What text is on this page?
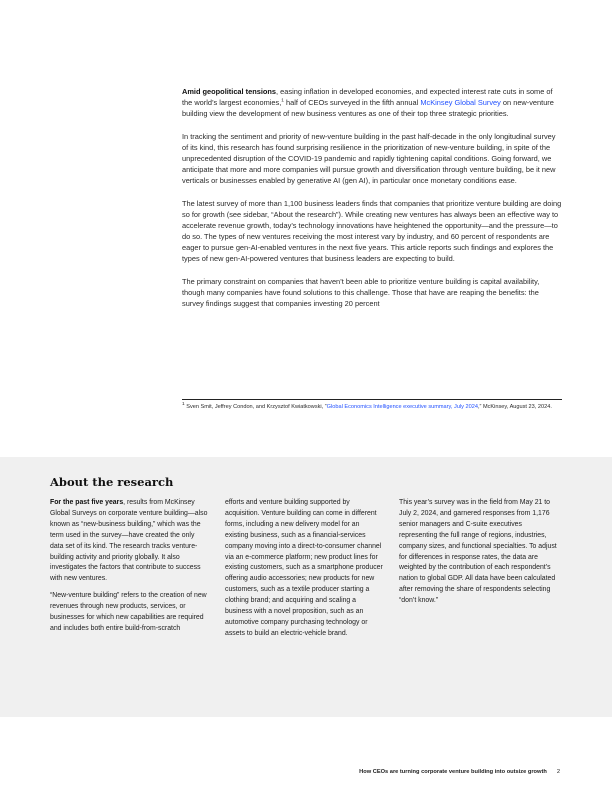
Amid geopolitical tensions, easing inflation in developed economies, and expected interest rate cuts in some of the world’s largest economies,$^1$ half of CEOs surveyed in the fifth annual McKinsey Global Survey on new-venture building view the development of new business ventures as one of their top three strategic priorities.

In tracking the sentiment and priority of new-venture building in the past half-decade in the only longitudinal survey of its kind, this research has found surprising resilience in the prioritization of new-venture building, in spite of the unprecedented disruption of the COVID-19 pandemic and rapidly tightening capital conditions. Going forward, we anticipate that more and more companies will pursue growth and diversification through venture building, be it new verticals or businesses enabled by generative AI (gen AI), in particular once monetary conditions ease.

The latest survey of more than 1,100 business leaders finds that companies that prioritize venture building are doing so for growth (see sidebar, “About the research”). While creating new ventures has always been an effective way to accelerate revenue growth, today’s technology innovations have heightened the opportunity—and the pressure—to do so. The types of new ventures receiving the most interest vary by industry, and 60 percent of respondents are eager to pursue gen-AI-enabled ventures in the next five years. This article reports such findings and explores the types of new gen-AI-powered ventures that business leaders are expecting to build.

The primary constraint on companies that haven’t been able to prioritize venture building is capital availability, though many companies have found solutions to this challenge. Those that have are reaping the benefits: the survey findings suggest that companies investing 20 percent

$^1$ Sven Smit, Jeffrey Condon, and Krzysztof Kwiatkowski, “Global Economics Intelligence executive summary, July 2024,” McKinsey, August 23, 2024.

About the research

For the past five years, results from McKinsey Global Surveys on corporate venture building—also known as “new-business building,” which was the term used in the survey—have created the only data set of its kind. The research tracks venture-building activity and priority globally. It also investigates the factors that contribute to success with new ventures.

“New-venture building” refers to the creation of new revenues through new products, services, or businesses for which new capabilities are required and includes both entire build-from-scratch

efforts and venture building supported by acquisition. Venture building can come in different forms, including a new delivery model for an existing business, such as a financial-services company moving into a direct-to-consumer channel via an e-commerce platform; new product lines for existing customers, such as a smartphone producer offering audio accessories; new products for new customers, such as a textile producer starting a clothing brand; and acquiring and scaling a business with a novel proposition, such as an automotive company purchasing technology or assets to build an electric-vehicle brand.

This year’s survey was in the field from May 21 to July 2, 2024, and garnered responses from 1,176 senior managers and C-suite executives representing the full range of regions, industries, company sizes, and functional specialties. To adjust for differences in response rates, the data are weighted by the contribution of each respondent’s nation to global GDP. All data have been calculated after removing the share of respondents selecting “don’t know.”

How CEOs are turning corporate venture building into outsize growth 2
